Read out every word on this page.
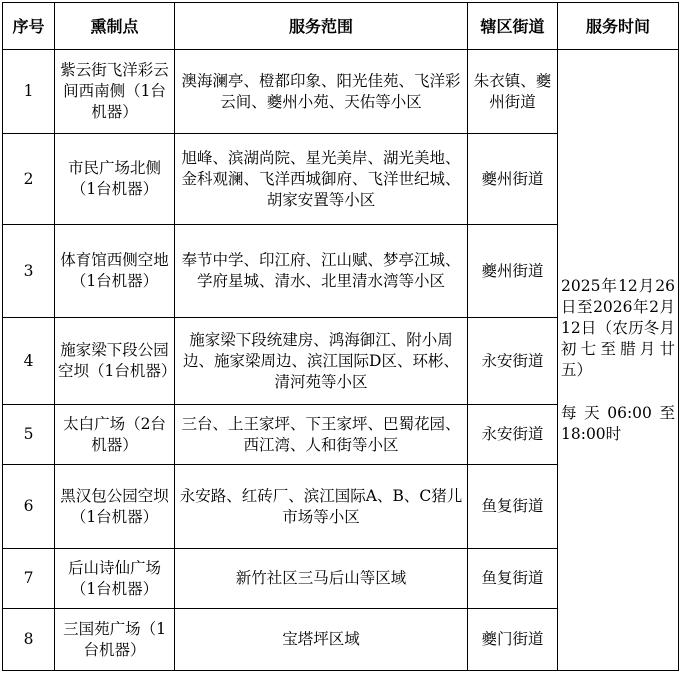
序号	熏制点	服务范围	辖区街道	服务时间
1	紫云街飞洋彩云间西南侧（1台机器）	澳海澜亭、橙都印象、阳光佳苑、飞洋彩云间、夔州小苑、天佑等小区	朱衣镇、夔州街道	2025年12月26日至2026年2月12日（农历冬月初七至腊月廿五）
每天06:00至18:00时

2	市民广场北侧（1台机器）	旭峰、滨湖尚院、星光美岸、湖光美地、金科观澜、飞洋西城御府、飞洋世纪城、胡家安置等小区	夔州街道	
3	体育馆西侧空地（1台机器）	奉节中学、印江府、江山赋、梦亭江城、学府星城、清水、北里清水湾等小区	夔州街道	
4	施家梁下段公园空坝（1台机器）	施家梁下段统建房、鸿海御江、附小周边、施家梁周边、滨江国际D区、环彬、清河苑等小区	永安街道	
5	太白广场（2台机器）	三台、上王家坪、下王家坪、巴蜀花园、西江湾、人和街等小区	永安街道	
6	黑汉包公园空坝（1台机器）	永安路、红砖厂、滨江国际A、B、C猪儿市场等小区	鱼复街道	
7	后山诗仙广场（1台机器）	新竹社区三马后山等区域	鱼复街道	
8	三国苑广场（1台机器）	宝塔坪区域	夔门街道	
